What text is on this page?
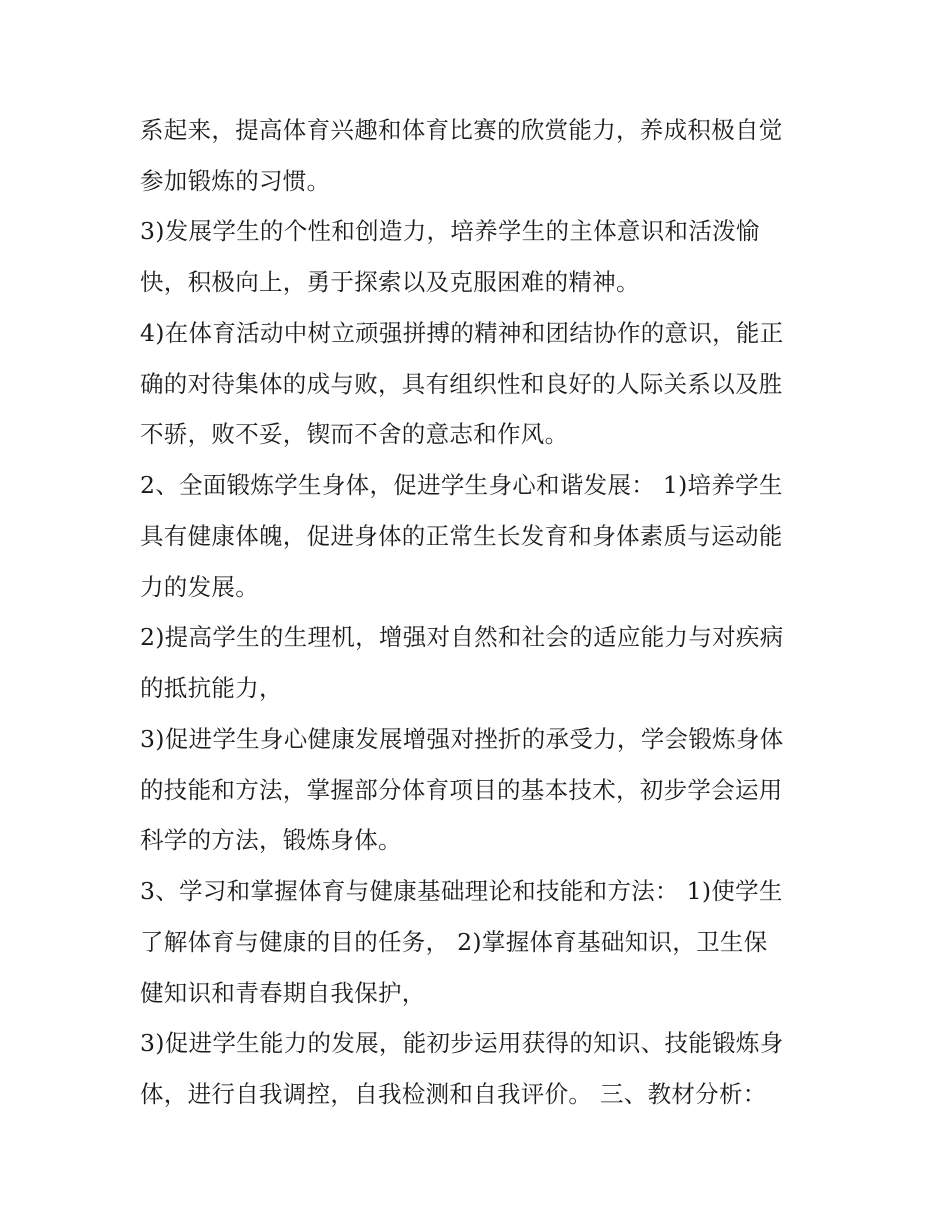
系起来，提高体育兴趣和体育比赛的欣赏能力，养成积极自觉
参加锻炼的习惯。
3)发展学生的个性和创造力，培养学生的主体意识和活泼愉
快，积极向上，勇于探索以及克服困难的精神。
4)在体育活动中树立顽强拼搏的精神和团结协作的意识，能正
确的对待集体的成与败，具有组织性和良好的人际关系以及胜
不骄，败不妥，锲而不舍的意志和作风。
2、全面锻炼学生身体，促进学生身心和谐发展： 1)培养学生
具有健康体魄，促进身体的正常生长发育和身体素质与运动能
力的发展。
2)提高学生的生理机，增强对自然和社会的适应能力与对疾病
的抵抗能力，
3)促进学生身心健康发展增强对挫折的承受力，学会锻炼身体
的技能和方法，掌握部分体育项目的基本技术，初步学会运用
科学的方法，锻炼身体。
3、学习和掌握体育与健康基础理论和技能和方法： 1)使学生
了解体育与健康的目的任务， 2)掌握体育基础知识，卫生保
健知识和青春期自我保护，
3)促进学生能力的发展，能初步运用获得的知识、技能锻炼身
体，进行自我调控，自我检测和自我评价。 三、教材分析：
